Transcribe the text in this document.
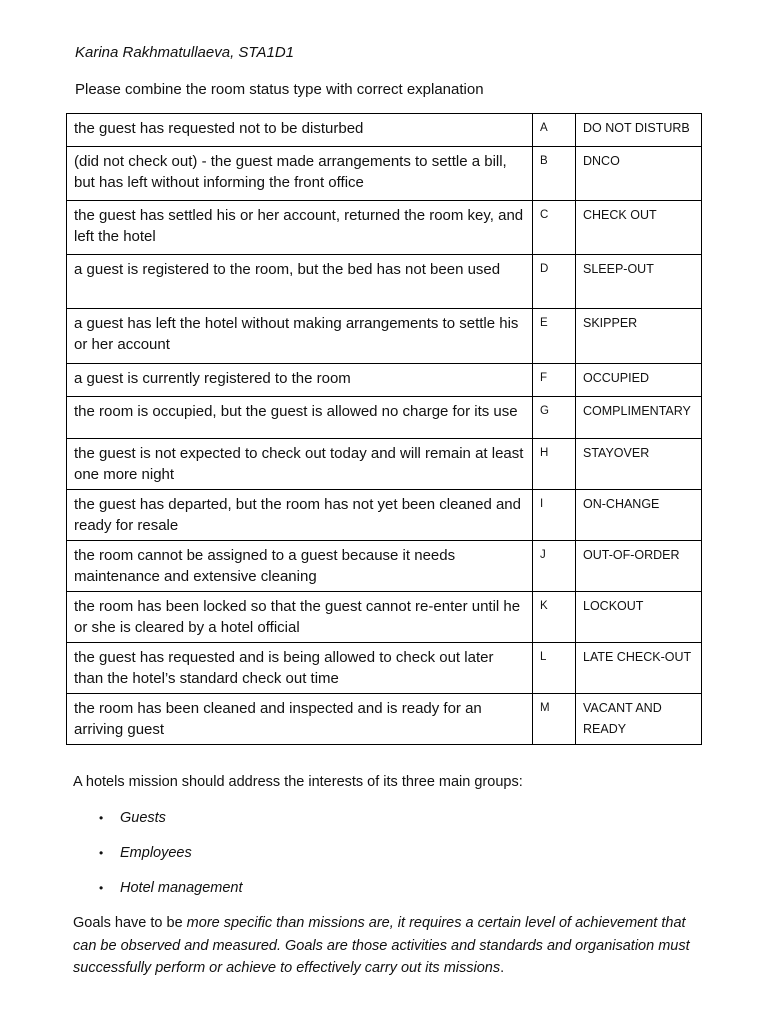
Karina Rakhmatullaeva, STA1D1
Please combine the room status type with correct explanation
the guest has requested not to be disturbed	A	DO NOT DISTURB
(did not check out) - the guest made arrangements to settle a bill, but has left without informing the front office	B	DNCO
the guest has settled his or her account, returned the room key, and left the hotel	C	CHECK OUT
a guest is registered to the room, but the bed has not been used	D	SLEEP-OUT
a guest has left the hotel without making arrangements to settle his or her account	E	SKIPPER
a guest is currently registered to the room	F	OCCUPIED
the room is occupied, but the guest is allowed no charge for its use	G	COMPLIMENTARY
the guest is not expected to check out today and will remain at least one more night	H	STAYOVER
the guest has departed, but the room has not yet been cleaned and ready for resale	I	ON-CHANGE
the room cannot be assigned to a guest because it needs maintenance and extensive cleaning	J	OUT-OF-ORDER
the room has been locked so that the guest cannot re-enter until he or she is cleared by a hotel official	K	LOCKOUT
the guest has requested and is being allowed to check out later than the hotel’s standard check out time	L	LATE CHECK-OUT
the room has been cleaned and inspected and is ready for an arriving guest	M	VACANT AND READY
A hotels mission should address the interests of its three main groups:
• Guests
• Employees
• Hotel management
Goals have to be more specific than missions are, it requires a certain level of achievement that can be observed and measured. Goals are those activities and standards and organisation must successfully perform or achieve to effectively carry out its missions.
